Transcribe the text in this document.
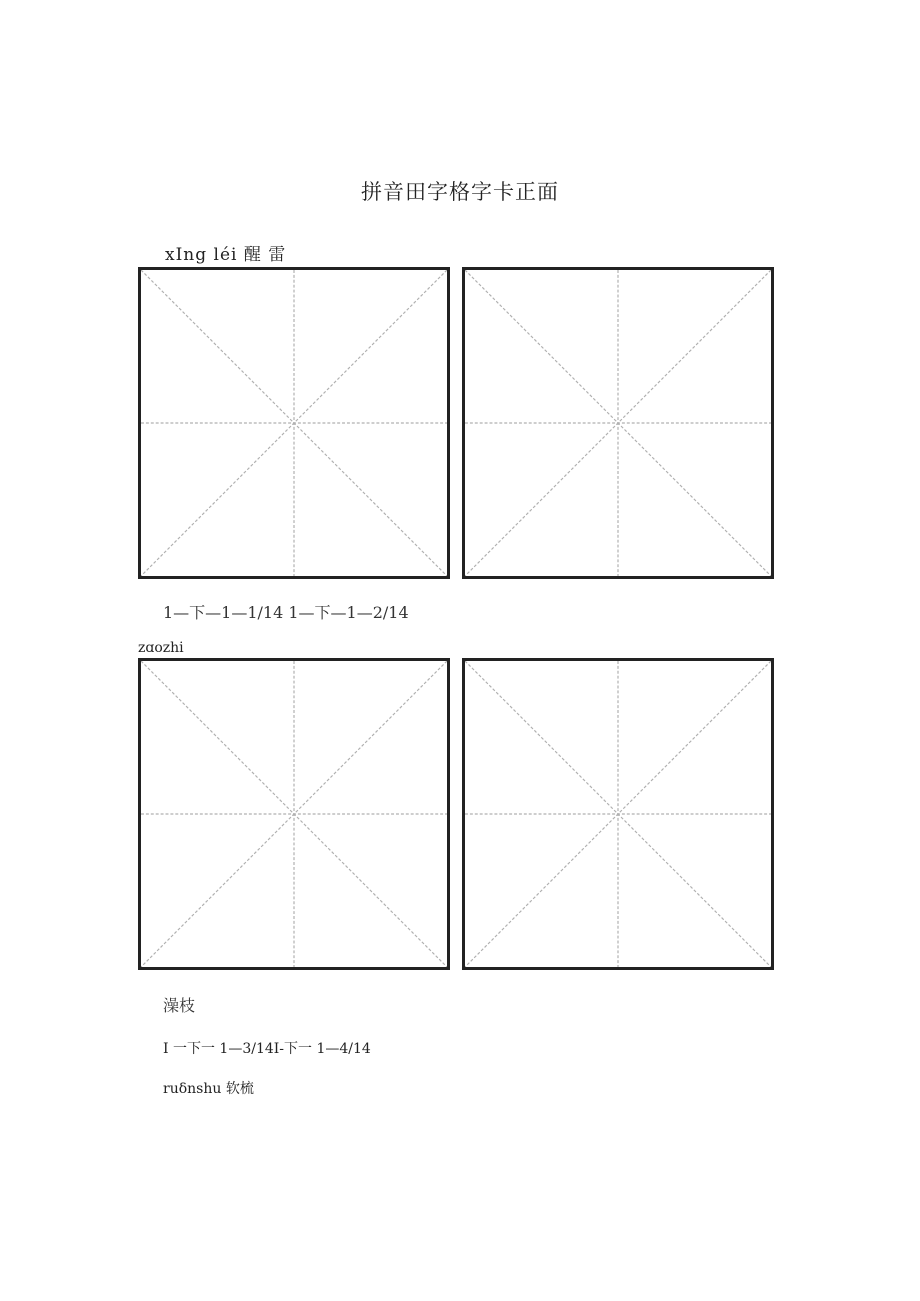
拼音田字格字卡正面
xIng léi 醒 雷
1—下—1—1/14 1—下—1—2/14
zɑozhi
澡枝
I 一下一 1—3/14I-下一 1—4/14
ruδnshu 软梳
